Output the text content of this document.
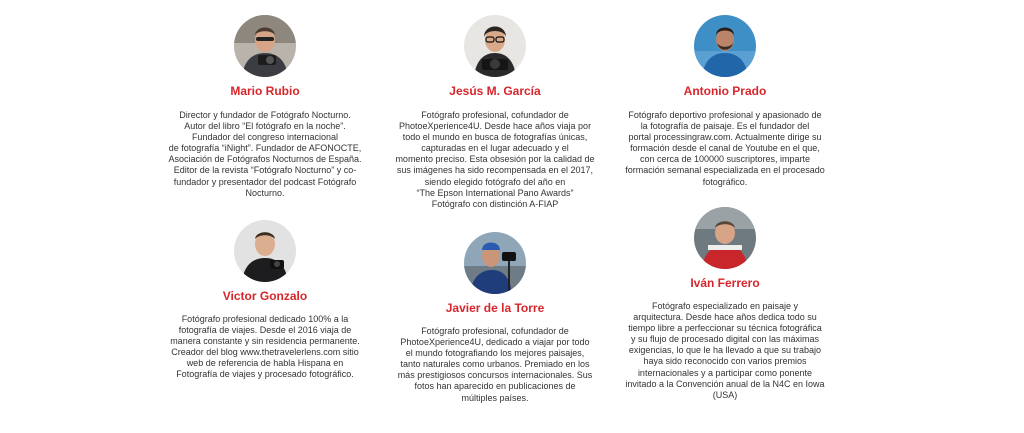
Mario Rubio
Director y fundador de Fotógrafo Nocturno.
Autor del libro “El fotógrafo en la noche”.
Fundador del congreso internacional
de fotografía “iNight”. Fundador de AFONOCTE,
Asociación de Fotógrafos Nocturnos de España.
Editor de la revista “Fotógrafo Nocturno” y co-
fundador y presentador del podcast Fotógrafo
Nocturno.
Jesús M. García
Fotógrafo profesional, cofundador de
PhotoeXperience4U. Desde hace años viaja por
todo el mundo en busca de fotografías únicas,
capturadas en el lugar adecuado y el
momento preciso. Esta obsesión por la calidad de
sus imágenes ha sido recompensada en el 2017,
siendo elegido fotógrafo del año en
“The Epson International Pano Awards”
Fotógrafo con distinción A-FIAP
Antonio Prado
Fotógrafo deportivo profesional y apasionado de
la fotografía de paisaje. Es el fundador del
portal processingraw.com. Actualmente dirige su
formación desde el canal de Youtube en el que,
con cerca de 100000 suscriptores, imparte
formación semanal especializada en el procesado
fotográfico.
Victor Gonzalo
Fotógrafo profesional dedicado 100% a la
fotografía de viajes. Desde el 2016 viaja de
manera constante y sin residencia permanente.
Creador del blog www.thetravelerlens.com sitio
web de referencia de habla Hispana en
Fotografía de viajes y procesado fotográfico.
Javier de la Torre
Fotógrafo profesional, cofundador de
PhotoeXperience4U, dedicado a viajar por todo
el mundo fotografiando los mejores paisajes,
tanto naturales como urbanos. Premiado en los
más prestigiosos concursos internacionales. Sus
fotos han aparecido en publicaciones de
múltiples países.
Iván Ferrero
Fotógrafo especializado en paisaje y
arquitectura. Desde hace años dedica todo su
tiempo libre a perfeccionar su técnica fotográfica
y su flujo de procesado digital con las máximas
exigencias, lo que le ha llevado a que su trabajo
haya sido reconocido con varios premios
internacionales y a participar como ponente
invitado a la Convención anual de la N4C en Iowa
(USA)
